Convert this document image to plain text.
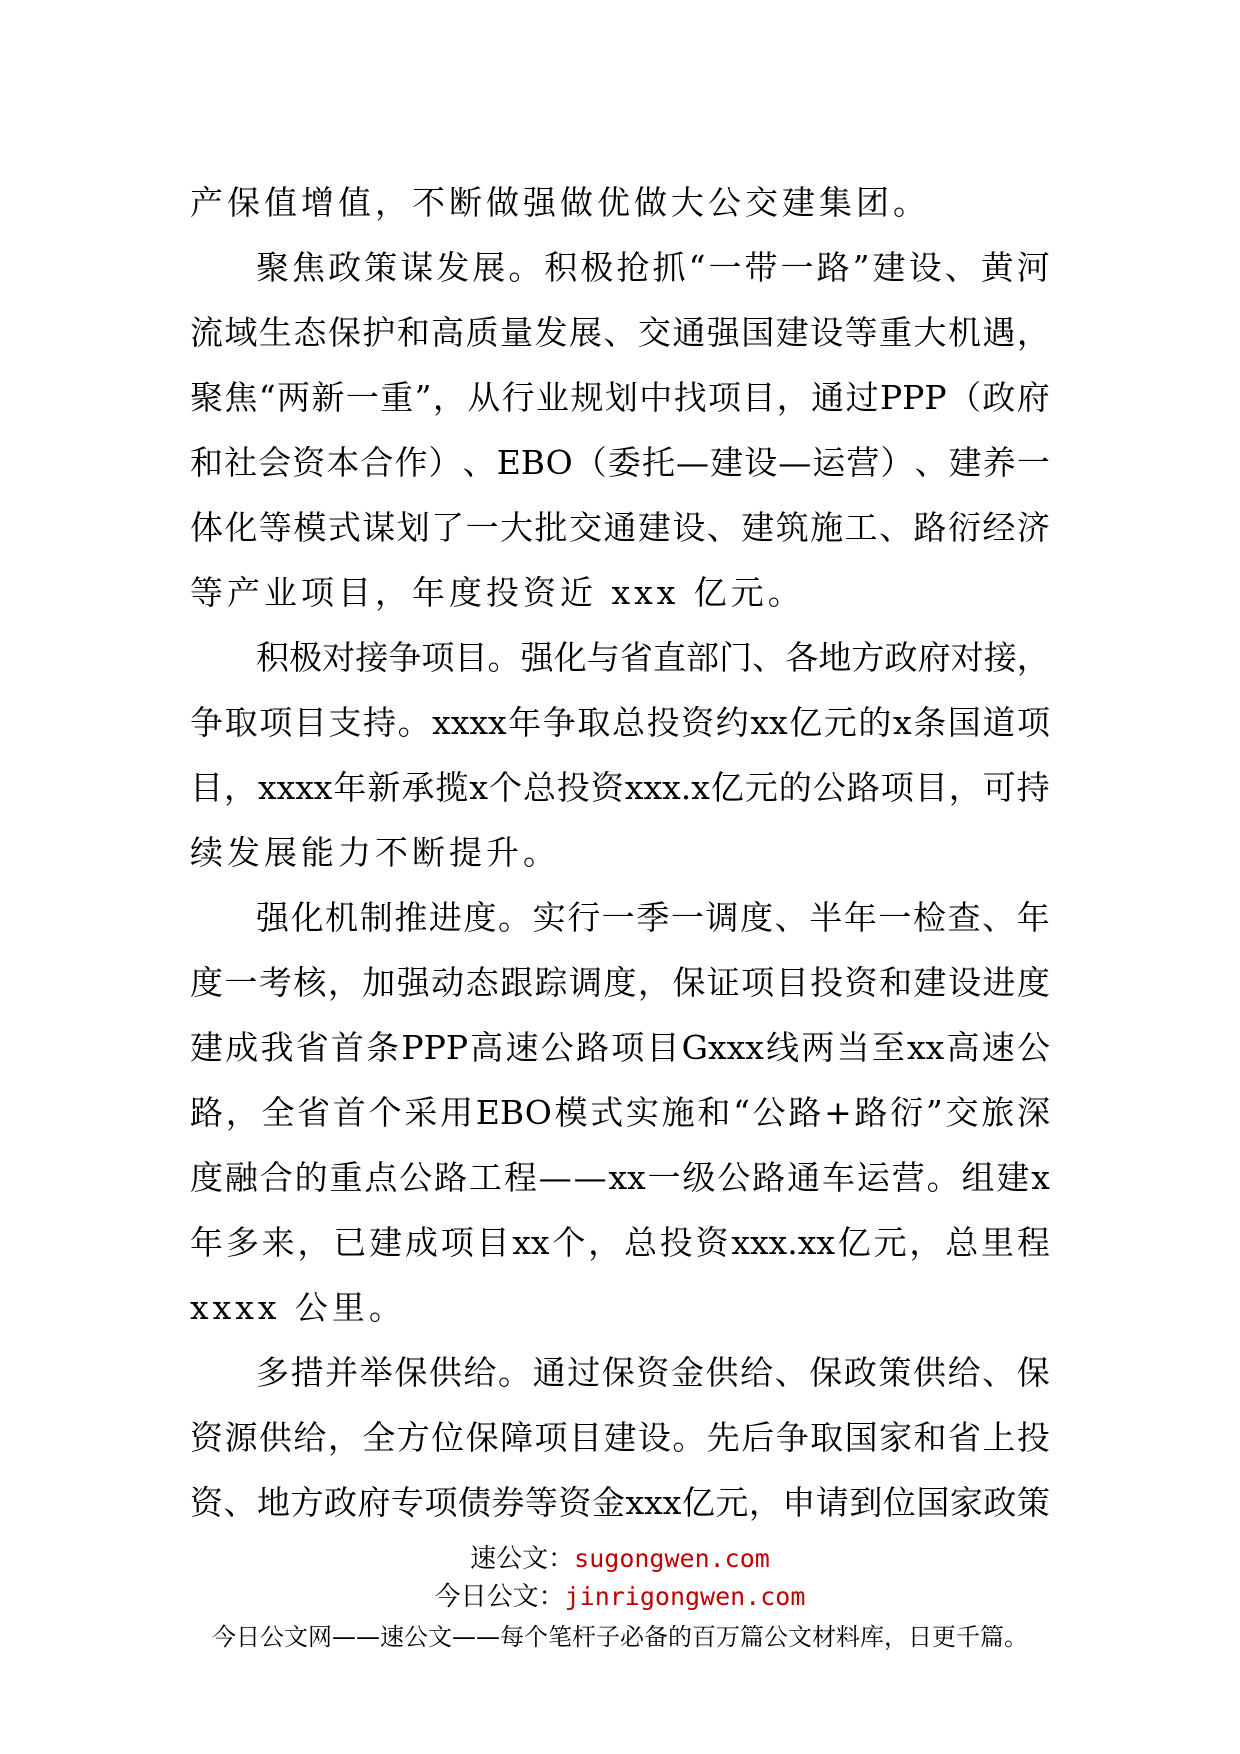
产保值增值，不断做强做优做大公交建集团。
聚 焦 政 策 谋 发 展 。 积 极 抢 抓 “ 一 带 一 路 ” 建 设 、 黄 河
流 域 生 态 保 护 和 高 质 量 发 展 、 交 通 强 国 建 设 等 重 大 机 遇 ，
聚 焦 “ 两 新 一 重 ” ， 从 行 业 规 划 中 找 项 目 ， 通 过 PPP （ 政 府
和 社 会 资 本 合 作 ） 、 EBO （ 委 托 — 建 设 — 运 营 ） 、 建 养 一
体 化 等 模 式 谋 划 了 一 大 批 交 通 建 设 、 建 筑 施 工 、 路 衍 经 济
等产业项目，年度投资近 xxx 亿元。
积 极 对 接 争 项 目 。 强 化 与 省 直 部 门 、 各 地 方 政 府 对 接 ，
争 取 项 目 支 持 。 xxxx 年 争 取 总 投 资 约 xx 亿 元 的 x 条 国 道 项
目 ， xxxx 年 新 承 揽 x 个 总 投 资 xxx.x 亿 元 的 公 路 项 目 ， 可 持
续发展能力不断提升。
强 化 机 制 推 进 度 。 实 行 一 季 一 调 度 、 半 年 一 检 查 、 年
度 一 考 核 ， 加 强 动 态 跟 踪 调 度 ， 保 证 项 目 投 资 和 建 设 进 度
建 成 我 省 首 条 PPP 高 速 公 路 项 目 Gxxx 线 两 当 至 xx 高 速 公
路 ， 全 省 首 个 采 用 EBO 模 式 实 施 和 “ 公 路 + 路 衍 ” 交 旅 深
度 融 合 的 重 点 公 路 工 程 — — xx 一 级 公 路 通 车 运 营 。 组 建 x
年 多 来 ， 已 建 成 项 目 xx 个 ， 总 投 资 xxx.xx 亿 元 ， 总 里 程
xxxx 公里。
多 措 并 举 保 供 给 。 通 过 保 资 金 供 给 、 保 政 策 供 给 、 保
资 源 供 给 ， 全 方 位 保 障 项 目 建 设 。 先 后 争 取 国 家 和 省 上 投
资 、 地 方 政 府 专 项 债 券 等 资 金 xxx 亿 元 ， 申 请 到 位 国 家 政 策
速公文：sugongwen.com
今日公文：jinrigongwen.com
今日公文网——速公文——每个笔杆子必备的百万篇公文材料库，日更千篇。
